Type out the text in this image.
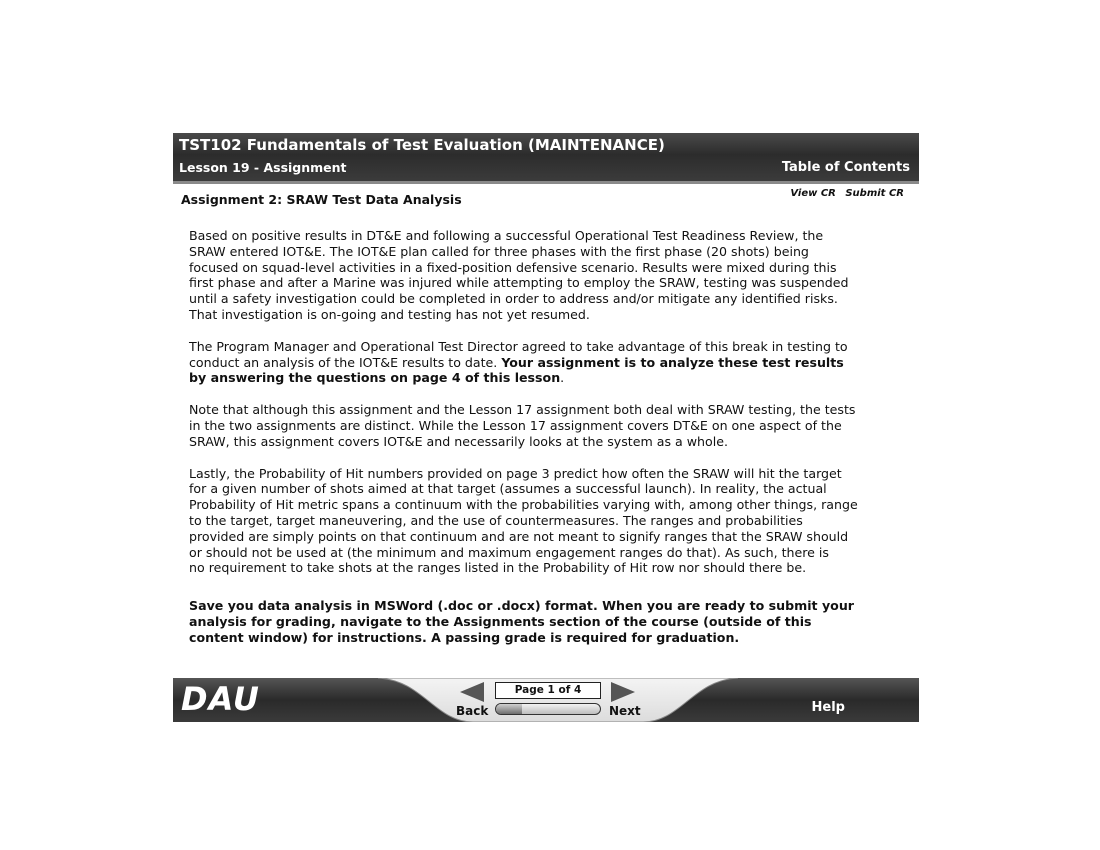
TST102 Fundamentals of Test Evaluation (MAINTENANCE)
Lesson 19 - Assignment	Table of Contents
Assignment 2: SRAW Test Data Analysis	View CR Submit CR

Based on positive results in DT&E and following a successful Operational Test Readiness Review, the
SRAW entered IOT&E. The IOT&E plan called for three phases with the first phase (20 shots) being
focused on squad-level activities in a fixed-position defensive scenario. Results were mixed during this
first phase and after a Marine was injured while attempting to employ the SRAW, testing was suspended
until a safety investigation could be completed in order to address and/or mitigate any identified risks.
That investigation is on-going and testing has not yet resumed.

The Program Manager and Operational Test Director agreed to take advantage of this break in testing to
conduct an analysis of the IOT&E results to date. Your assignment is to analyze these test results
by answering the questions on page 4 of this lesson.

Note that although this assignment and the Lesson 17 assignment both deal with SRAW testing, the tests
in the two assignments are distinct. While the Lesson 17 assignment covers DT&E on one aspect of the
SRAW, this assignment covers IOT&E and necessarily looks at the system as a whole.

Lastly, the Probability of Hit numbers provided on page 3 predict how often the SRAW will hit the target
for a given number of shots aimed at that target (assumes a successful launch). In reality, the actual
Probability of Hit metric spans a continuum with the probabilities varying with, among other things, range
to the target, target maneuvering, and the use of countermeasures. The ranges and probabilities
provided are simply points on that continuum and are not meant to signify ranges that the SRAW should
or should not be used at (the minimum and maximum engagement ranges do that). As such, there is
no requirement to take shots at the ranges listed in the Probability of Hit row nor should there be.

Save you data analysis in MSWord (.doc or .docx) format. When you are ready to submit your
analysis for grading, navigate to the Assignments section of the course (outside of this
content window) for instructions. A passing grade is required for graduation.

DAU	Back
Page 1 of 4
Next	Help
